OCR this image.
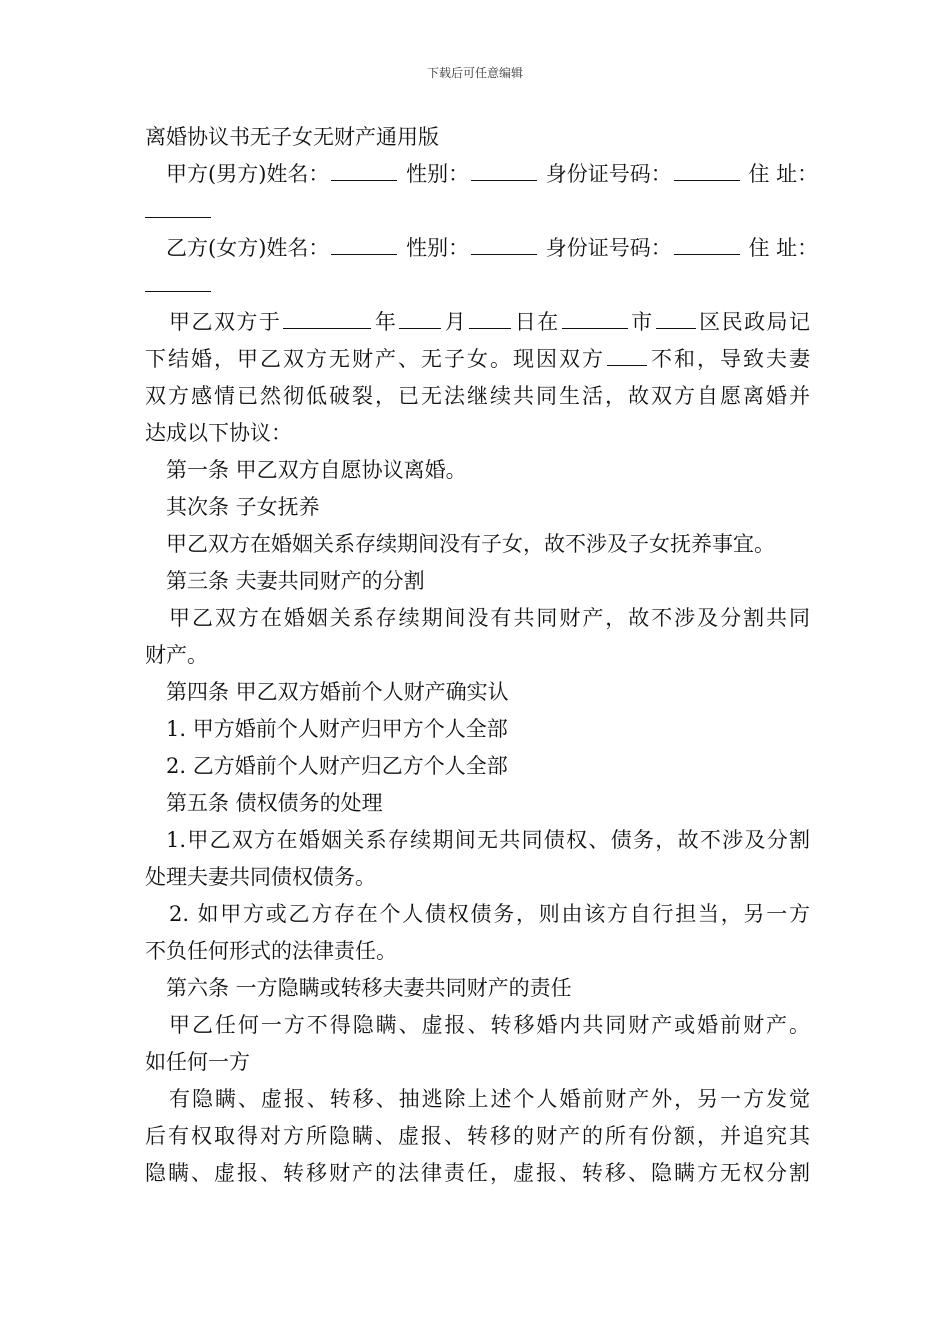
下载后可任意编辑
离婚协议书无子女无财产通用版
甲方(男方)姓名：	性别：	身份证号码：	住 址：
乙方(女方)姓名：	性别：	身份证号码：	住 址：
甲乙双方于	年 月 日在	市 区民政局记
下结婚，甲乙双方无财产、无子女。现因双方 不和，导致夫妻
双方感情已然彻低破裂，已无法继续共同生活，故双方自愿离婚并
达成以下协议：
第一条 甲乙双方自愿协议离婚。
其次条 子女抚养
甲乙双方在婚姻关系存续期间没有子女，故不涉及子女抚养事宜。
第三条 夫妻共同财产的分割
甲乙双方在婚姻关系存续期间没有共同财产，故不涉及分割共同
财产。
第四条 甲乙双方婚前个人财产确实认
1. 甲方婚前个人财产归甲方个人全部
2. 乙方婚前个人财产归乙方个人全部
第五条 债权债务的处理
1.甲乙双方在婚姻关系存续期间无共同债权、债务，故不涉及分割
处理夫妻共同债权债务。
2. 如甲方或乙方存在个人债权债务，则由该方自行担当，另一方
不负任何形式的法律责任。
第六条 一方隐瞒或转移夫妻共同财产的责任
甲乙任何一方不得隐瞒、虚报、转移婚内共同财产或婚前财产。
如任何一方
有隐瞒、虚报、转移、抽逃除上述个人婚前财产外，另一方发觉
后有权取得对方所隐瞒、虚报、转移的财产的所有份额，并追究其
隐瞒、虚报、转移财产的法律责任，虚报、转移、隐瞒方无权分割
